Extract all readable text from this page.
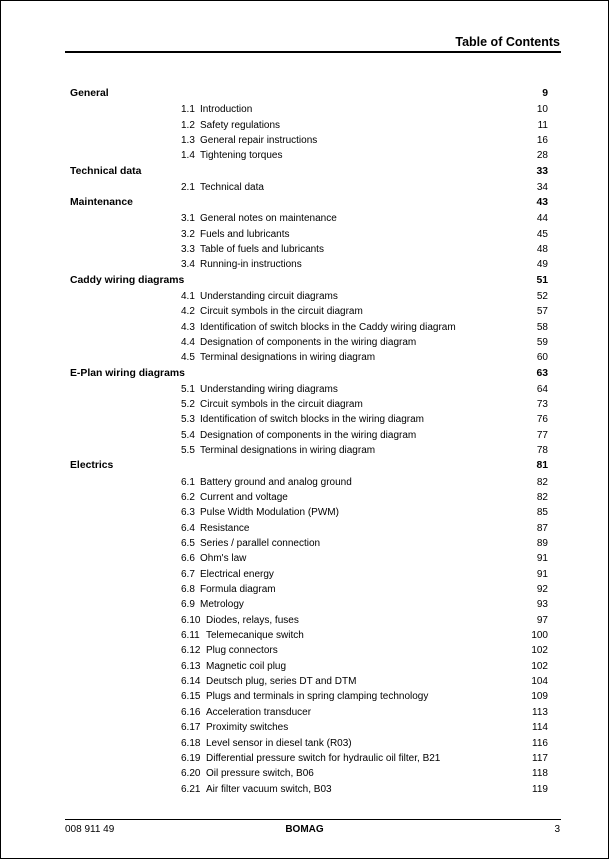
Table of Contents
General	9
1.1 Introduction	10
1.2 Safety regulations	11
1.3 General repair instructions	16
1.4 Tightening torques	28
Technical data	33
2.1 Technical data	34
Maintenance	43
3.1 General notes on maintenance	44
3.2 Fuels and lubricants	45
3.3 Table of fuels and lubricants	48
3.4 Running-in instructions	49
Caddy wiring diagrams	51
4.1 Understanding circuit diagrams	52
4.2 Circuit symbols in the circuit diagram	57
4.3 Identification of switch blocks in the Caddy wiring diagram	58
4.4 Designation of components in the wiring diagram	59
4.5 Terminal designations in wiring diagram	60
E-Plan wiring diagrams	63
5.1 Understanding wiring diagrams	64
5.2 Circuit symbols in the circuit diagram	73
5.3 Identification of switch blocks in the wiring diagram	76
5.4 Designation of components in the wiring diagram	77
5.5 Terminal designations in wiring diagram	78
Electrics	81
6.1 Battery ground and analog ground	82
6.2 Current and voltage	82
6.3 Pulse Width Modulation (PWM)	85
6.4 Resistance	87
6.5 Series / parallel connection	89
6.6 Ohm's law	91
6.7 Electrical energy	91
6.8 Formula diagram	92
6.9 Metrology	93
6.10 Diodes, relays, fuses	97
6.11 Telemecanique switch	100
6.12 Plug connectors	102
6.13 Magnetic coil plug	102
6.14 Deutsch plug, series DT and DTM	104
6.15 Plugs and terminals in spring clamping technology	109
6.16 Acceleration transducer	113
6.17 Proximity switches	114
6.18 Level sensor in diesel tank (R03)	116
6.19 Differential pressure switch for hydraulic oil filter, B21	117
6.20 Oil pressure switch, B06	118
6.21 Air filter vacuum switch, B03	119
008 911 49	BOMAG	3
